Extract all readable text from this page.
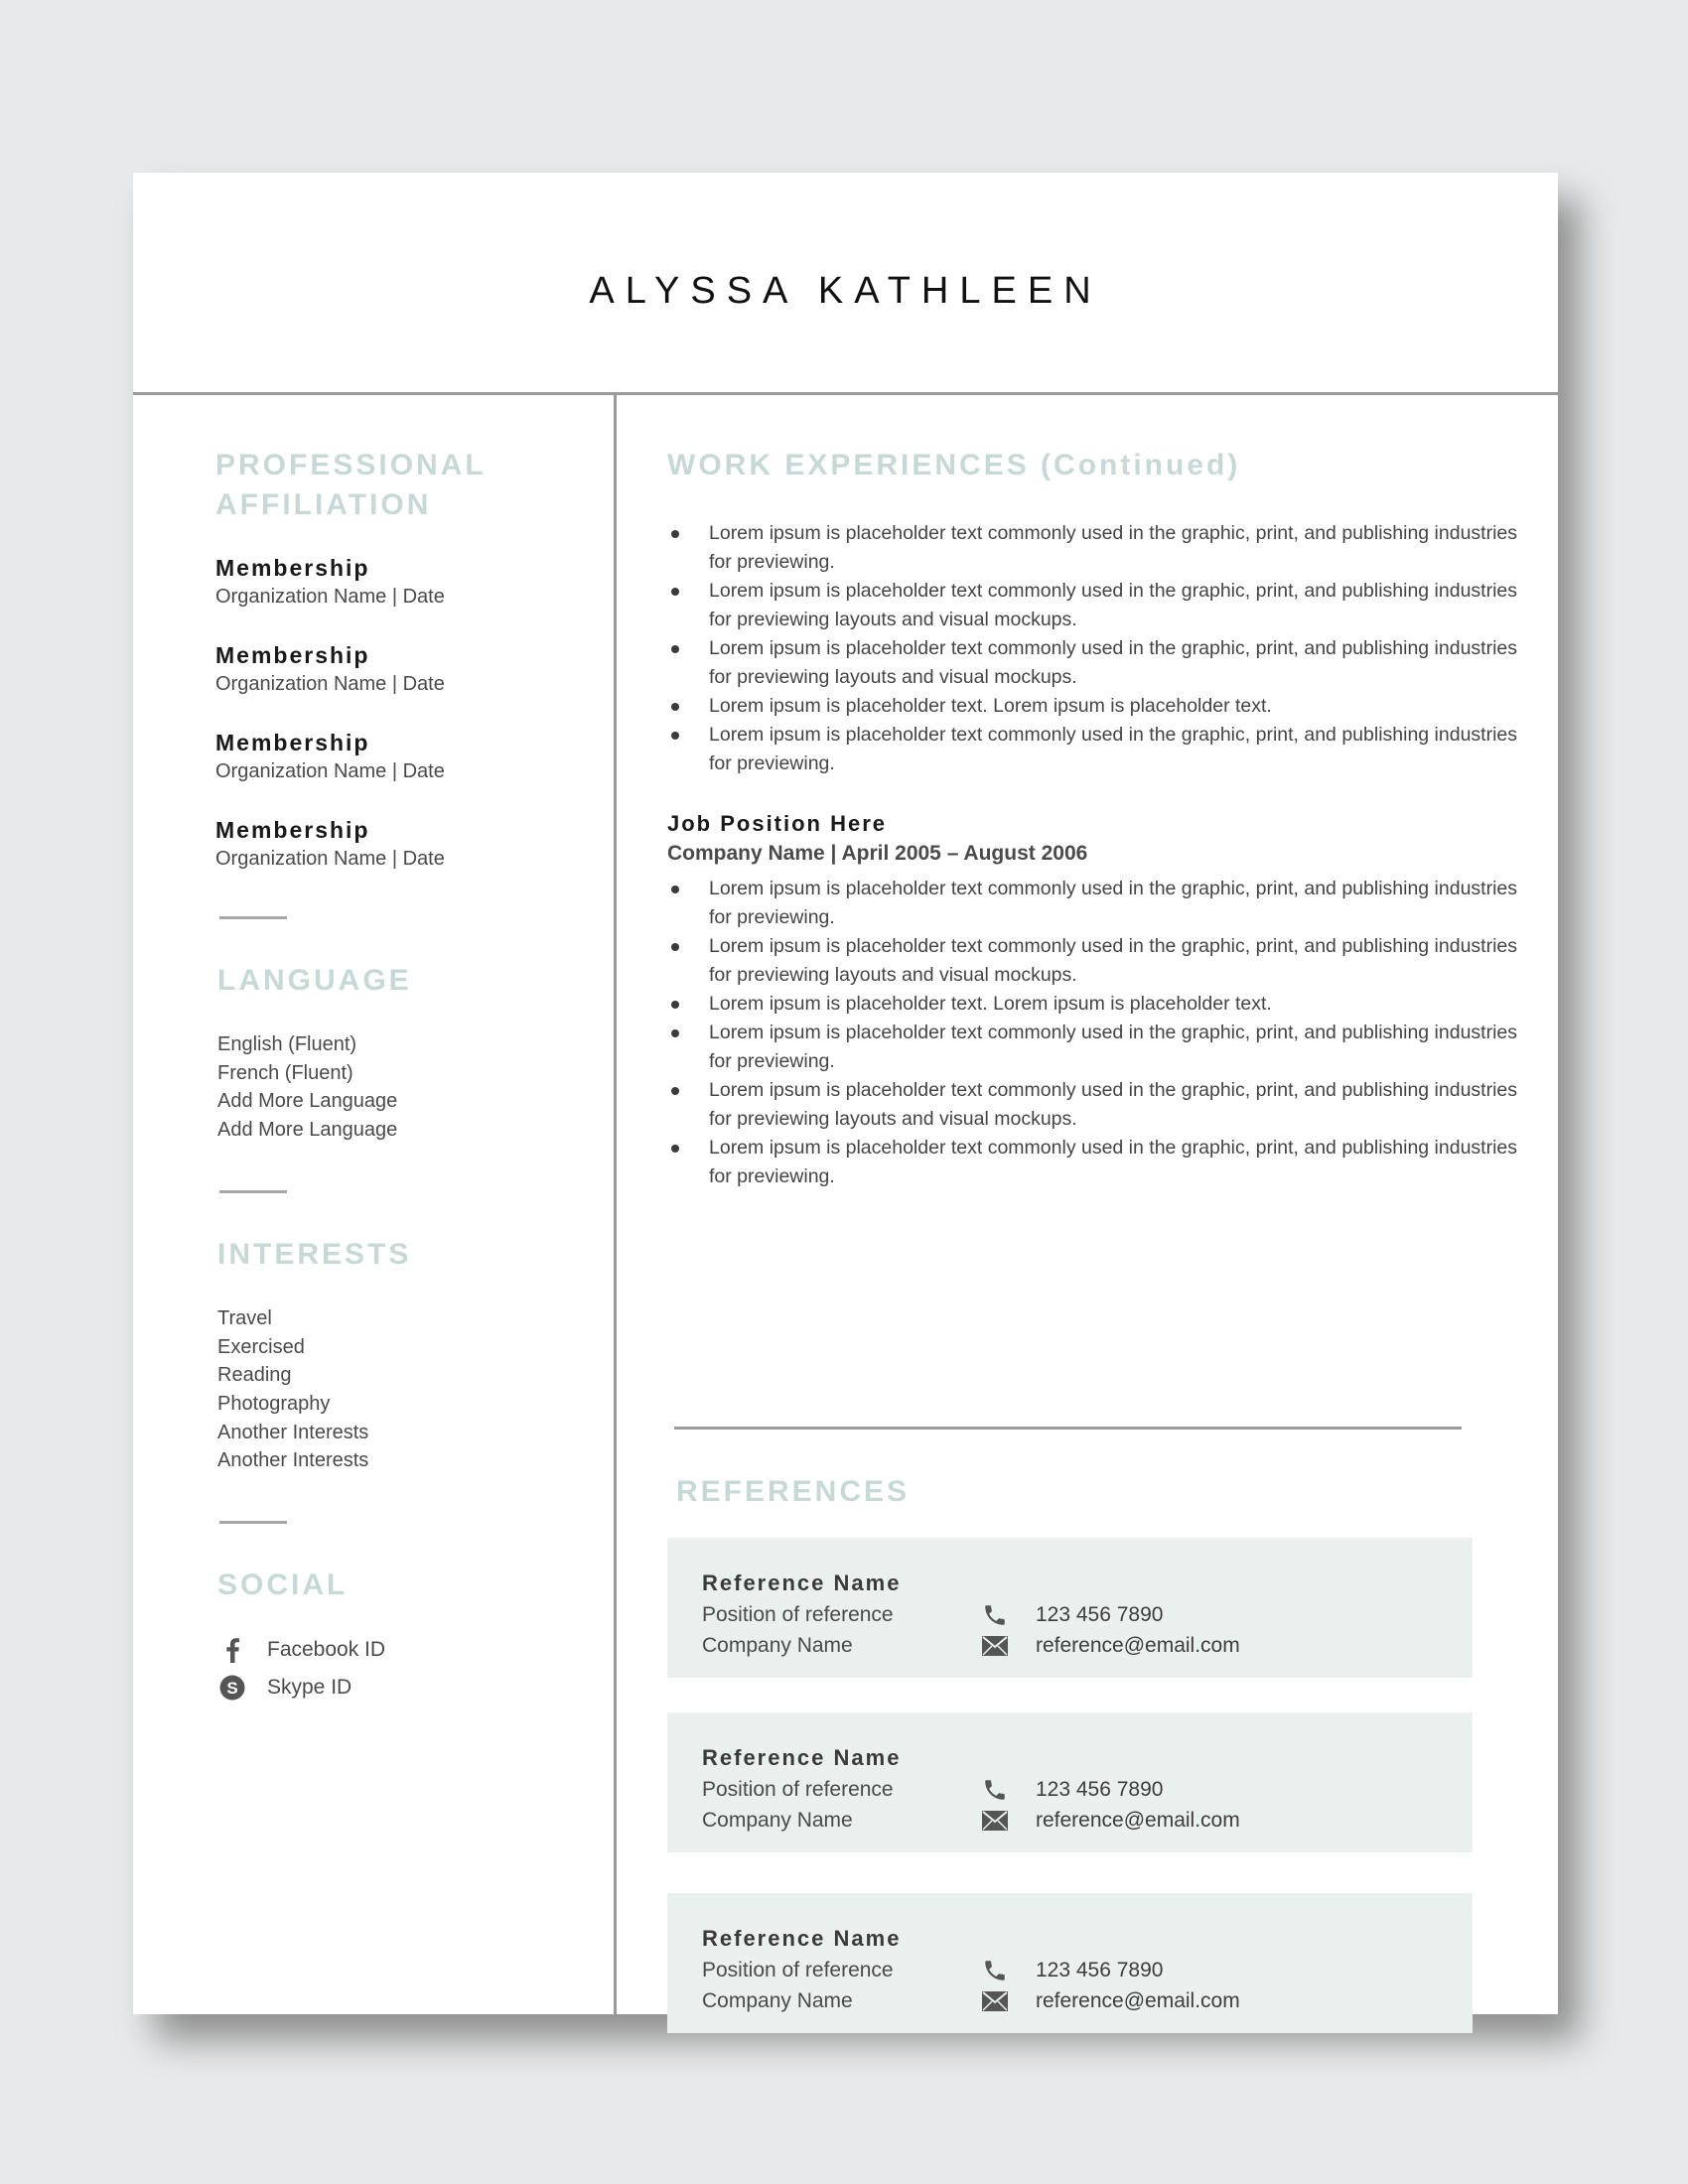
ALYSSA KATHLEEN
PROFESSIONAL
AFFILIATION
Membership
Organization Name | Date
Membership
Organization Name | Date
Membership
Organization Name | Date
Membership
Organization Name | Date
LANGUAGE
English (Fluent)
French (Fluent)
Add More Language
Add More Language
INTERESTS
Travel
Exercised
Reading
Photography
Another Interests
Another Interests
SOCIAL
Facebook ID
S Skype ID
WORK EXPERIENCES (Continued)
Lorem ipsum is placeholder text commonly used in the graphic, print, and publishing industries for previewing.
Lorem ipsum is placeholder text commonly used in the graphic, print, and publishing industries for previewing layouts and visual mockups.
Lorem ipsum is placeholder text commonly used in the graphic, print, and publishing industries for previewing layouts and visual mockups.
Lorem ipsum is placeholder text. Lorem ipsum is placeholder text.
Lorem ipsum is placeholder text commonly used in the graphic, print, and publishing industries for previewing.
Job Position Here
Company Name | April 2005 – August 2006
Lorem ipsum is placeholder text commonly used in the graphic, print, and publishing industries for previewing.
Lorem ipsum is placeholder text commonly used in the graphic, print, and publishing industries for previewing layouts and visual mockups.
Lorem ipsum is placeholder text. Lorem ipsum is placeholder text.
Lorem ipsum is placeholder text commonly used in the graphic, print, and publishing industries for previewing.
Lorem ipsum is placeholder text commonly used in the graphic, print, and publishing industries for previewing layouts and visual mockups.
Lorem ipsum is placeholder text commonly used in the graphic, print, and publishing industries for previewing.
REFERENCES
Reference Name
Position of reference
Company Name
123 456 7890
reference@email.com
Reference Name
Position of reference
Company Name
123 456 7890
reference@email.com
Reference Name
Position of reference
Company Name
123 456 7890
reference@email.com
